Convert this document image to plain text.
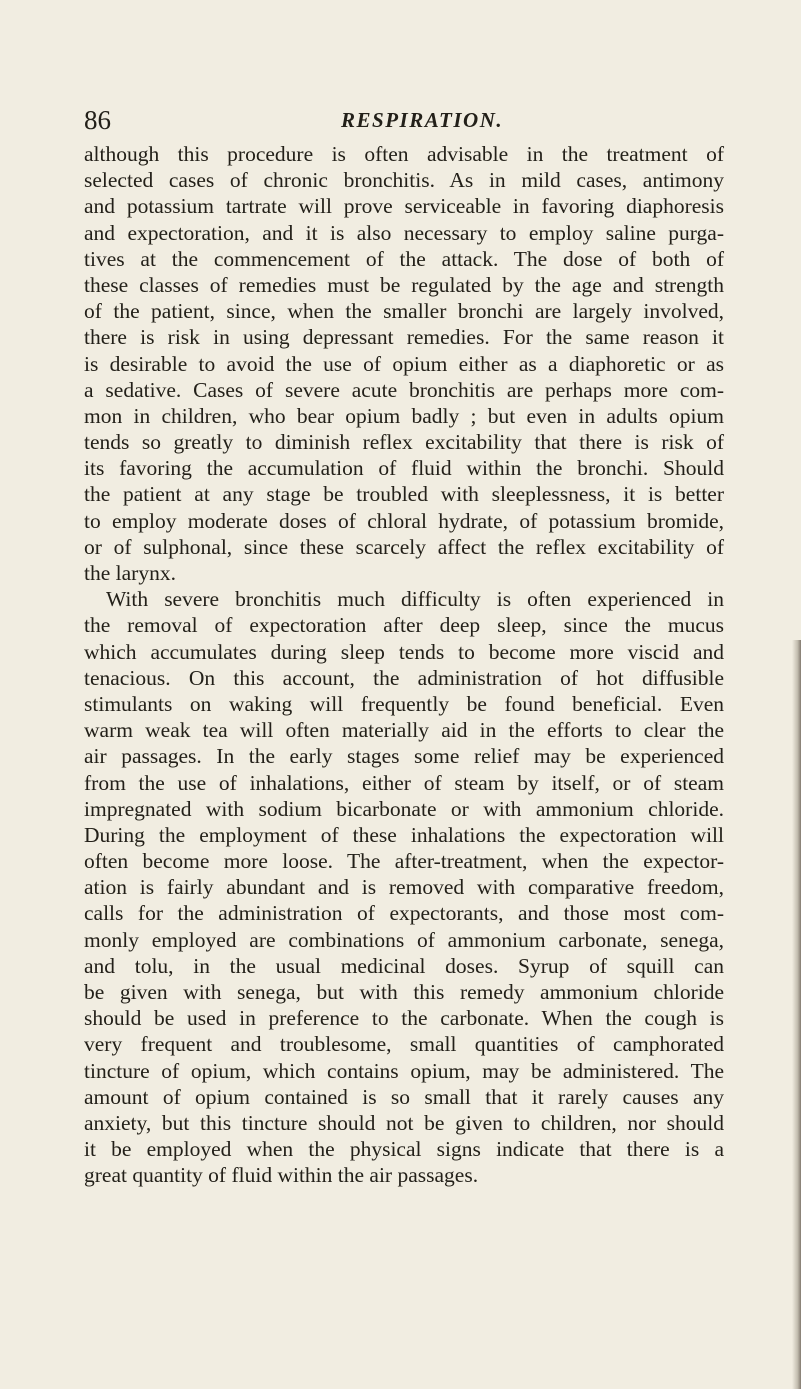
86	RESPIRATION.
although this procedure is often advisable in the treatment of
selected cases of chronic bronchitis. As in mild cases, antimony
and potassium tartrate will prove serviceable in favoring diaphoresis
and expectoration, and it is also necessary to employ saline purga-
tives at the commencement of the attack. The dose of both of
these classes of remedies must be regulated by the age and strength
of the patient, since, when the smaller bronchi are largely involved,
there is risk in using depressant remedies. For the same reason it
is desirable to avoid the use of opium either as a diaphoretic or as
a sedative. Cases of severe acute bronchitis are perhaps more com-
mon in children, who bear opium badly ; but even in adults opium
tends so greatly to diminish reflex excitability that there is risk of
its favoring the accumulation of fluid within the bronchi. Should
the patient at any stage be troubled with sleeplessness, it is better
to employ moderate doses of chloral hydrate, of potassium bromide,
or of sulphonal, since these scarcely affect the reflex excitability of
the larynx.
With severe bronchitis much difficulty is often experienced in
the removal of expectoration after deep sleep, since the mucus
which accumulates during sleep tends to become more viscid and
tenacious. On this account, the administration of hot diffusible
stimulants on waking will frequently be found beneficial. Even
warm weak tea will often materially aid in the efforts to clear the
air passages. In the early stages some relief may be experienced
from the use of inhalations, either of steam by itself, or of steam
impregnated with sodium bicarbonate or with ammonium chloride.
During the employment of these inhalations the expectoration will
often become more loose. The after-treatment, when the expector-
ation is fairly abundant and is removed with comparative freedom,
calls for the administration of expectorants, and those most com-
monly employed are combinations of ammonium carbonate, senega,
and tolu, in the usual medicinal doses. Syrup of squill can
be given with senega, but with this remedy ammonium chloride
should be used in preference to the carbonate. When the cough is
very frequent and troublesome, small quantities of camphorated
tincture of opium, which contains opium, may be administered. The
amount of opium contained is so small that it rarely causes any
anxiety, but this tincture should not be given to children, nor should
it be employed when the physical signs indicate that there is a
great quantity of fluid within the air passages.
